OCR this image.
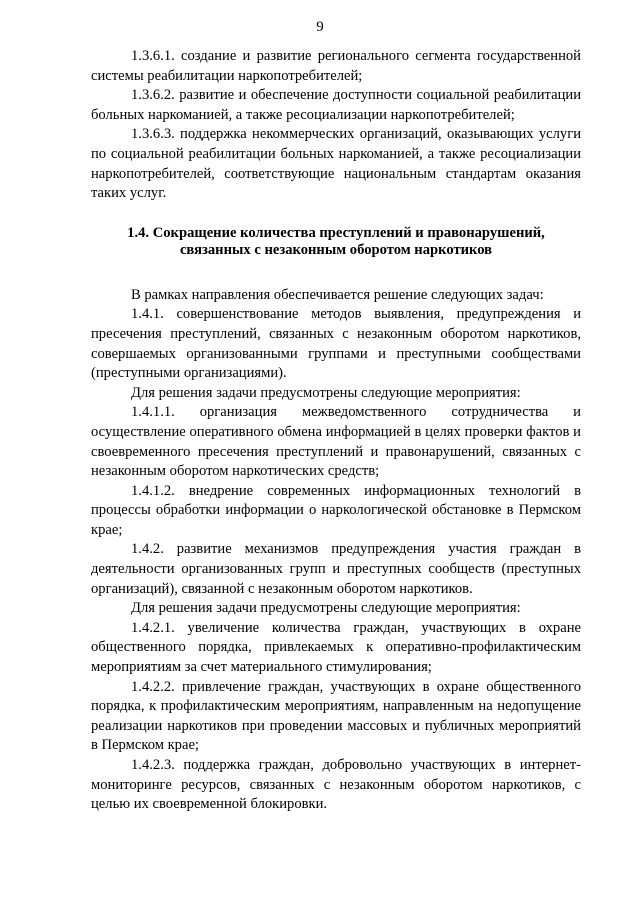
9

1.3.6.1. создание и развитие регионального сегмента государственной системы реабилитации наркопотребителей;

1.3.6.2. развитие и обеспечение доступности социальной реабилитации больных наркоманией, а также ресоциализации наркопотребителей;

1.3.6.3. поддержка некоммерческих организаций, оказывающих услуги по социальной реабилитации больных наркоманией, а также ресоциализации наркопотребителей, соответствующие национальным стандартам оказания таких услуг.

1.4. Сокращение количества преступлений и правонарушений,
связанных с незаконным оборотом наркотиков

В рамках направления обеспечивается решение следующих задач:

1.4.1. совершенствование методов выявления, предупреждения и пресечения преступлений, связанных с незаконным оборотом наркотиков, совершаемых организованными группами и преступными сообществами (преступными организациями).

Для решения задачи предусмотрены следующие мероприятия:

1.4.1.1. организация межведомственного сотрудничества и осуществление оперативного обмена информацией в целях проверки фактов и своевременного пресечения преступлений и правонарушений, связанных с незаконным оборотом наркотических средств;

1.4.1.2. внедрение современных информационных технологий в процессы обработки информации о наркологической обстановке в Пермском крае;

1.4.2. развитие механизмов предупреждения участия граждан в деятельности организованных групп и преступных сообществ (преступных организаций), связанной с незаконным оборотом наркотиков.

Для решения задачи предусмотрены следующие мероприятия:

1.4.2.1. увеличение количества граждан, участвующих в охране общественного порядка, привлекаемых к оперативно-профилактическим мероприятиям за счет материального стимулирования;

1.4.2.2. привлечение граждан, участвующих в охране общественного порядка, к профилактическим мероприятиям, направленным на недопущение реализации наркотиков при проведении массовых и публичных мероприятий в Пермском крае;

1.4.2.3. поддержка граждан, добровольно участвующих в интернет-мониторинге ресурсов, связанных с незаконным оборотом наркотиков, с целью их своевременной блокировки.
